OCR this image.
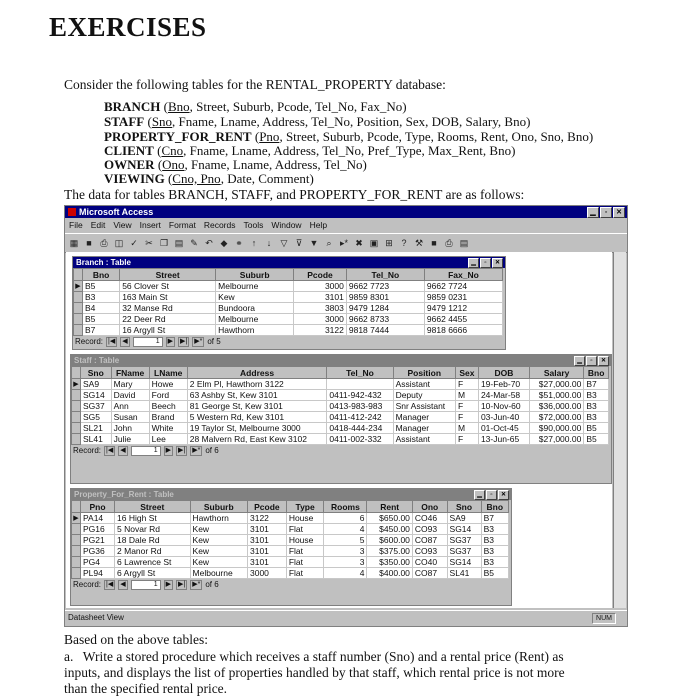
EXERCISES
Consider the following tables for the RENTAL_PROPERTY database:
BRANCH (Bno, Street, Suburb, Pcode, Tel_No, Fax_No)
STAFF (Sno, Fname, Lname, Address, Tel_No, Position, Sex, DOB, Salary, Bno)
PROPERTY_FOR_RENT (Pno, Street, Suburb, Pcode, Type, Rooms, Rent, Ono, Sno, Bno)
CLIENT (Cno, Fname, Lname, Address, Tel_No, Pref_Type, Max_Rent, Bno)
OWNER (Ono, Fname, Lname, Address, Tel_No)
VIEWING (Cno, Pno, Date, Comment)
The data for tables BRANCH, STAFF, and PROPERTY_FOR_RENT are as follows:
Microsoft Access	▁	▫	✕
File Edit View Insert Format Records Tools Window Help
▦ ■ ⎙ ◫ ✓ ✂ ❐ ▤ ✎ ↶ ◆ ⚭ ↑	↓	▽ ⊽ ▼ ⌕ ▸* ✖ ▣ ⊞ ? ⚒ ■ ⎙ ▤
Branch : Table	▁	▫	✕
	Bno	Street	Suburb	Pcode	Tel_No	Fax_No
▶	B5	56 Clover St	Melbourne	3000	9662 7723	9662 7724
	B3	163 Main St	Kew	3101	9859 8301	9859 0231
	B4	32 Manse Rd	Bundoora	3803	9479 1284	9479 1212
	B5	22 Deer Rd	Melbourne	3000	9662 8733	9662 4455
	B7	16 Argyll St	Hawthorn	3122	9818 7444	9818 6666
Record: |◀ ◀	1	▶ ▶| ▶* of 5
Staff : Table	▁	▫	✕
	Sno	FName	LName	Address	Tel_No	Position	Sex	DOB	Salary	Bno
▶	SA9	Mary	Howe	2 Elm Pl, Hawthorn 3122		Assistant	F	19-Feb-70	$27,000.00	B7
	SG14	David	Ford	63 Ashby St, Kew 3101	0411-942-432	Deputy	M	24-Mar-58	$51,000.00	B3
	SG37	Ann	Beech	81 George St, Kew 3101	0413-983-983	Snr Assistant	F	10-Nov-60	$36,000.00	B3
	SG5	Susan	Brand	5 Western Rd, Kew 3101	0411-412-242	Manager	F	03-Jun-40	$72,000.00	B3
	SL21	John	White	19 Taylor St, Melbourne 3000	0418-444-234	Manager	M	01-Oct-45	$90,000.00	B5
	SL41	Julie	Lee	28 Malvern Rd, East Kew 3102	0411-002-332	Assistant	F	13-Jun-65	$27,000.00	B5
Record: |◀ ◀	1	▶ ▶| ▶* of 6
Property_For_Rent : Table	▁	▫	✕
	Pno	Street	Suburb	Pcode	Type	Rooms	Rent	Ono	Sno	Bno
▶	PA14	16 High St	Hawthorn	3122	House	6	$650.00	CO46	SA9	B7
	PG16	5 Novar Rd	Kew	3101	Flat	4	$450.00	CO93	SG14	B3
	PG21	18 Dale Rd	Kew	3101	House	5	$600.00	CO87	SG37	B3
	PG36	2 Manor Rd	Kew	3101	Flat	3	$375.00	CO93	SG37	B3
	PG4	6 Lawrence St	Kew	3101	Flat	3	$350.00	CO40	SG14	B3
	PL94	6 Argyll St	Melbourne	3000	Flat	4	$400.00	CO87	SL41	B5
Record: |◀ ◀	1	▶ ▶| ▶* of 6
Datasheet View	NUM
Based on the above tables:
a. Write a stored procedure which receives a staff number (Sno) and a rental price (Rent) as inputs, and displays the list of properties handled by that staff, which rental price is not more than the specified rental price.
